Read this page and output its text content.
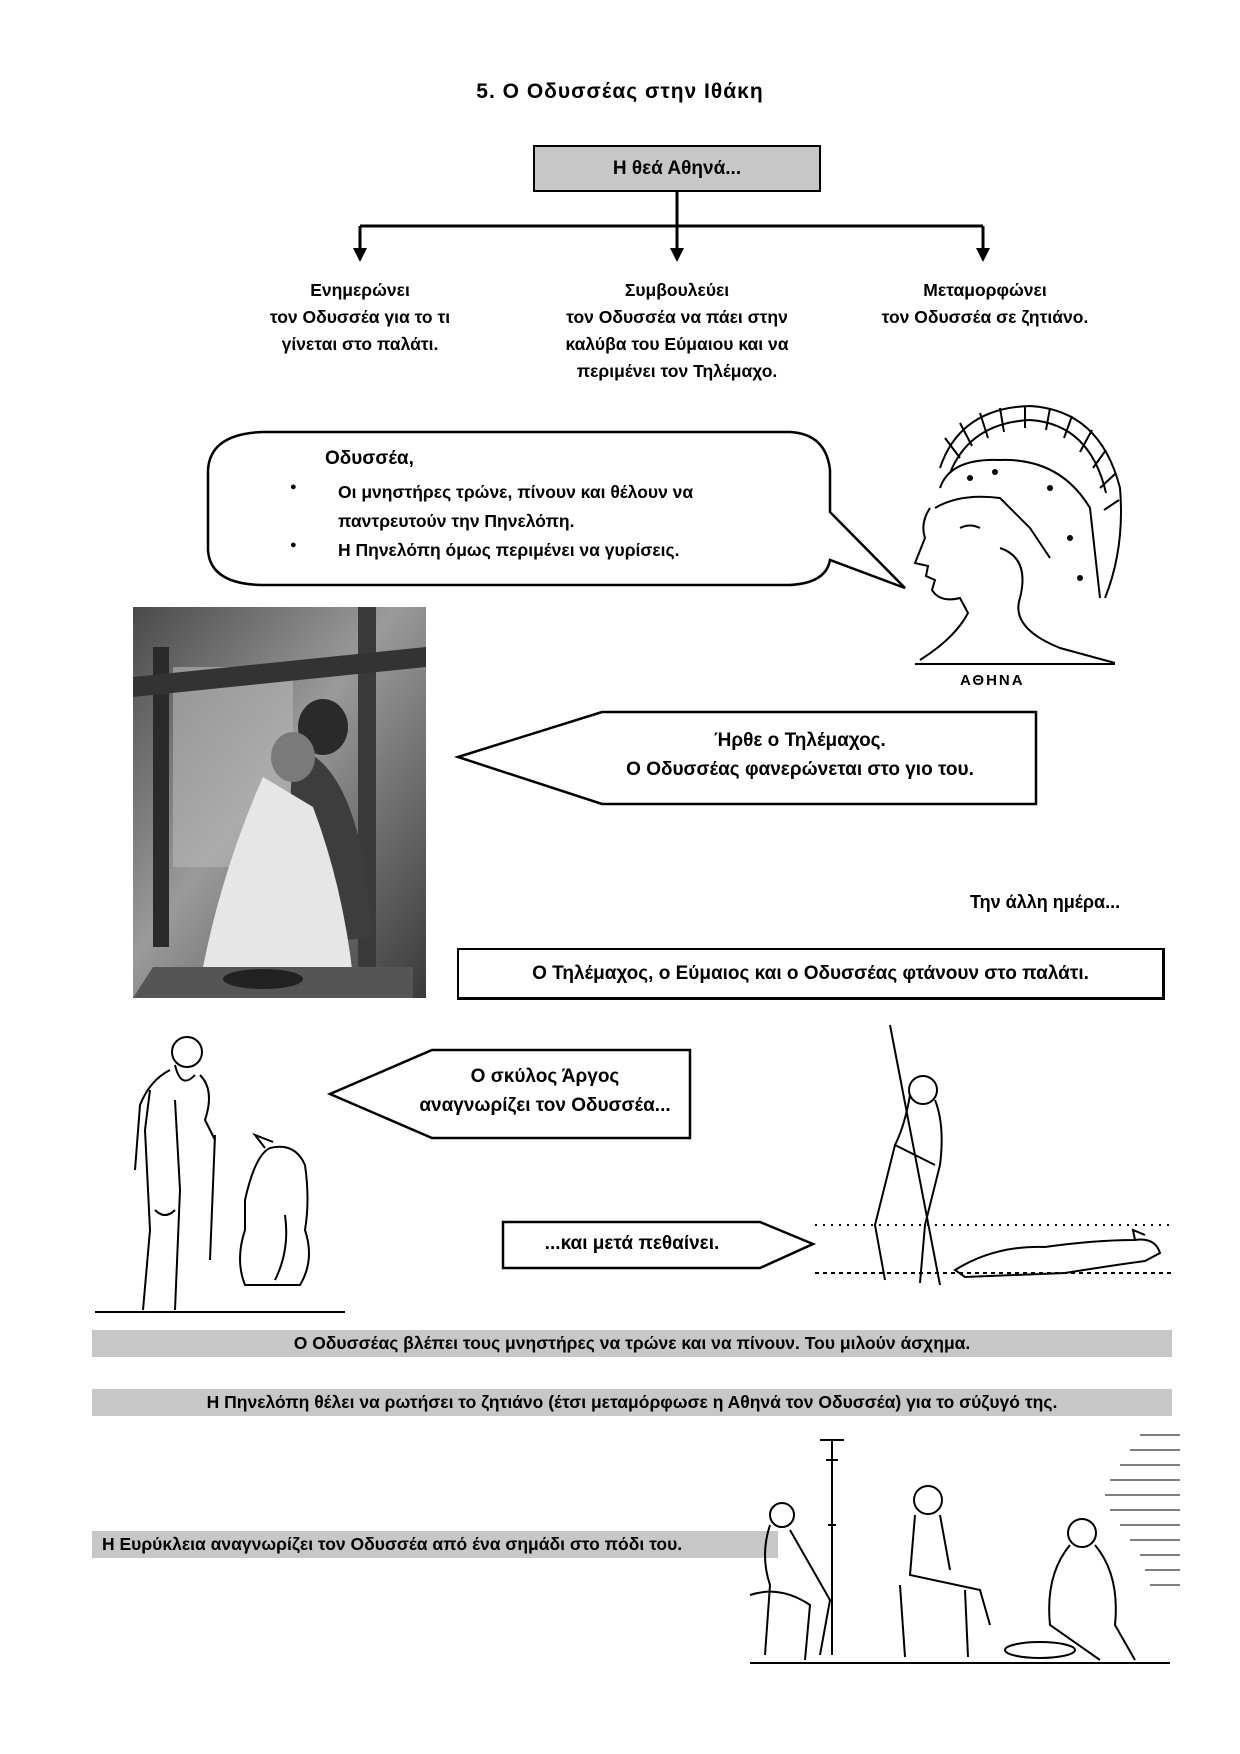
5. Ο Οδυσσέας στην Ιθάκη
Η θεά Αθηνά...
Ενημερώνει
τον Οδυσσέα για το τι
γίνεται στο παλάτι.
Συμβουλεύει
τον Οδυσσέα να πάει στην
καλύβα του Εύμαιου και να
περιμένει τον Τηλέμαχο.
Μεταμορφώνει
τον Οδυσσέα σε ζητιάνο.
Οδυσσέα,
● Οι μνηστήρες τρώνε, πίνουν και θέλουν να
παντρευτούν την Πηνελόπη.
● Η Πηνελόπη όμως περιμένει να γυρίσεις.
ΑΘΗΝΑ
Ήρθε ο Τηλέμαχος.
Ο Οδυσσέας φανερώνεται στο γιο του.
Την άλλη ημέρα...
Ο Τηλέμαχος, ο Εύμαιος και ο Οδυσσέας φτάνουν στο παλάτι.
Ο σκύλος Άργος
αναγνωρίζει τον Οδυσσέα...
...και μετά πεθαίνει.
Ο Οδυσσέας βλέπει τους μνηστήρες να τρώνε και να πίνουν. Του μιλούν άσχημα.
Η Πηνελόπη θέλει να ρωτήσει το ζητιάνο (έτσι μεταμόρφωσε η Αθηνά τον Οδυσσέα) για το σύζυγό της.
Η Ευρύκλεια αναγνωρίζει τον Οδυσσέα από ένα σημάδι στο πόδι του.
